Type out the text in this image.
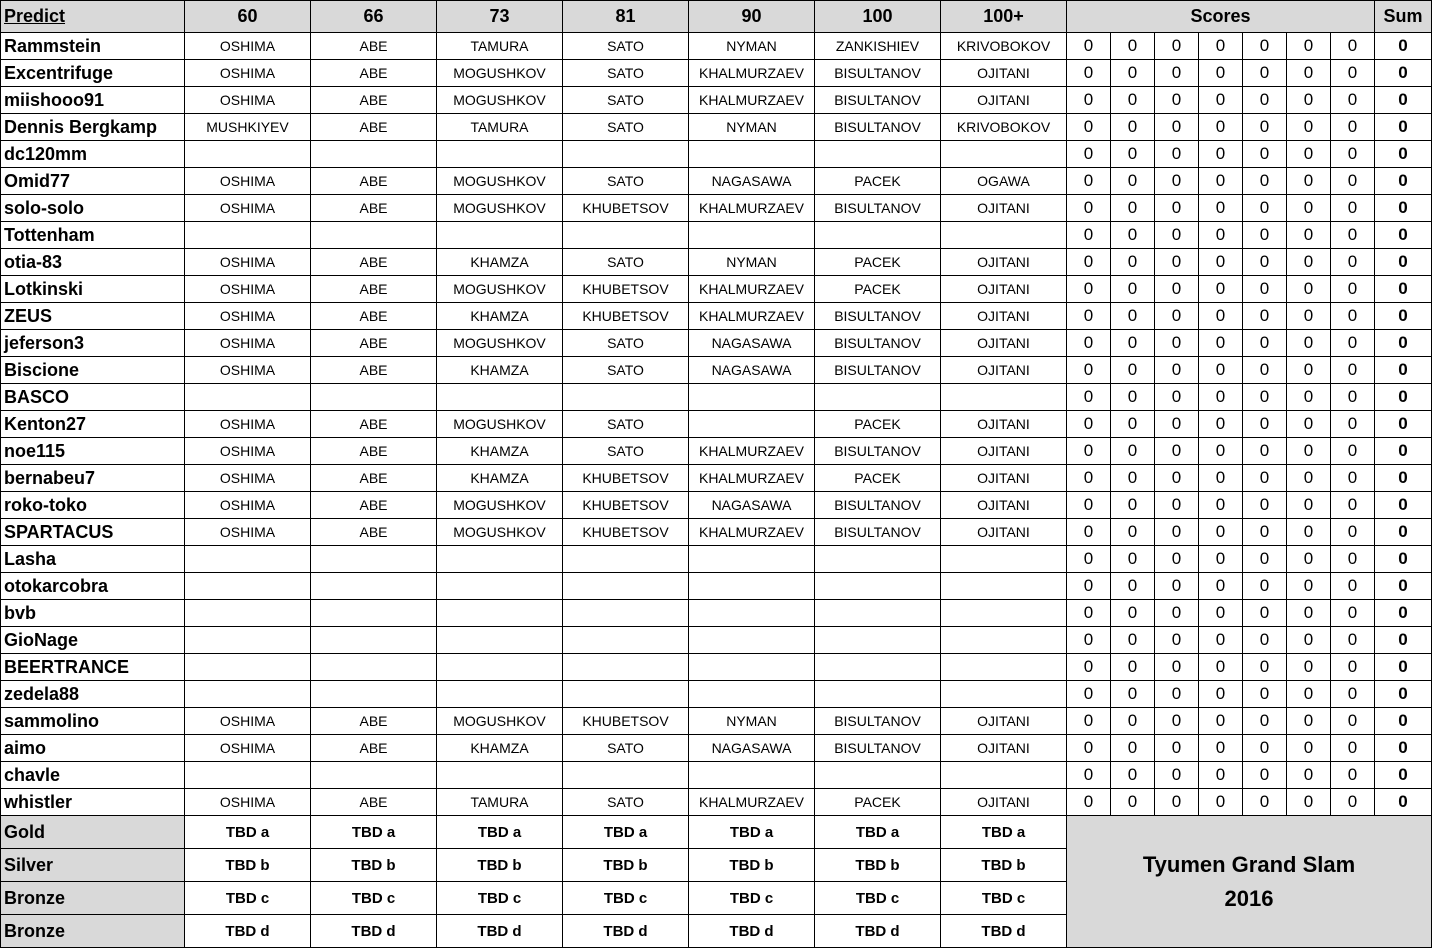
Predict	60	66	73	81	90	100	100+	Scores							Sum
Rammstein	OSHIMA	ABE	TAMURA	SATO	NYMAN	ZANKISHIEV	KRIVOBOKOV	0	0	0	0	0	0	0	0
Excentrifuge	OSHIMA	ABE	MOGUSHKOV	SATO	KHALMURZAEV	BISULTANOV	OJITANI	0	0	0	0	0	0	0	0
miishooo91	OSHIMA	ABE	MOGUSHKOV	SATO	KHALMURZAEV	BISULTANOV	OJITANI	0	0	0	0	0	0	0	0
Dennis Bergkamp	MUSHKIYEV	ABE	TAMURA	SATO	NYMAN	BISULTANOV	KRIVOBOKOV	0	0	0	0	0	0	0	0
dc120mm								0	0	0	0	0	0	0	0
Omid77	OSHIMA	ABE	MOGUSHKOV	SATO	NAGASAWA	PACEK	OGAWA	0	0	0	0	0	0	0	0
solo-solo	OSHIMA	ABE	MOGUSHKOV	KHUBETSOV	KHALMURZAEV	BISULTANOV	OJITANI	0	0	0	0	0	0	0	0
Tottenham								0	0	0	0	0	0	0	0
otia-83	OSHIMA	ABE	KHAMZA	SATO	NYMAN	PACEK	OJITANI	0	0	0	0	0	0	0	0
Lotkinski	OSHIMA	ABE	MOGUSHKOV	KHUBETSOV	KHALMURZAEV	PACEK	OJITANI	0	0	0	0	0	0	0	0
ZEUS	OSHIMA	ABE	KHAMZA	KHUBETSOV	KHALMURZAEV	BISULTANOV	OJITANI	0	0	0	0	0	0	0	0
jeferson3	OSHIMA	ABE	MOGUSHKOV	SATO	NAGASAWA	BISULTANOV	OJITANI	0	0	0	0	0	0	0	0
Biscione	OSHIMA	ABE	KHAMZA	SATO	NAGASAWA	BISULTANOV	OJITANI	0	0	0	0	0	0	0	0
BASCO								0	0	0	0	0	0	0	0
Kenton27	OSHIMA	ABE	MOGUSHKOV	SATO		PACEK	OJITANI	0	0	0	0	0	0	0	0
noe115	OSHIMA	ABE	KHAMZA	SATO	KHALMURZAEV	BISULTANOV	OJITANI	0	0	0	0	0	0	0	0
bernabeu7	OSHIMA	ABE	KHAMZA	KHUBETSOV	KHALMURZAEV	PACEK	OJITANI	0	0	0	0	0	0	0	0
roko-toko	OSHIMA	ABE	MOGUSHKOV	KHUBETSOV	NAGASAWA	BISULTANOV	OJITANI	0	0	0	0	0	0	0	0
SPARTACUS	OSHIMA	ABE	MOGUSHKOV	KHUBETSOV	KHALMURZAEV	BISULTANOV	OJITANI	0	0	0	0	0	0	0	0
Lasha								0	0	0	0	0	0	0	0
otokarcobra								0	0	0	0	0	0	0	0
bvb								0	0	0	0	0	0	0	0
GioNage								0	0	0	0	0	0	0	0
BEERTRANCE								0	0	0	0	0	0	0	0
zedela88								0	0	0	0	0	0	0	0
sammolino	OSHIMA	ABE	MOGUSHKOV	KHUBETSOV	NYMAN	BISULTANOV	OJITANI	0	0	0	0	0	0	0	0
aimo	OSHIMA	ABE	KHAMZA	SATO	NAGASAWA	BISULTANOV	OJITANI	0	0	0	0	0	0	0	0
chavle								0	0	0	0	0	0	0	0
whistler	OSHIMA	ABE	TAMURA	SATO	KHALMURZAEV	PACEK	OJITANI	0	0	0	0	0	0	0	0
Gold	TBD a	TBD a	TBD a	TBD a	TBD a	TBD a	TBD a	Tyumen Grand Slam
2016							

Silver	TBD b	TBD b	TBD b	TBD b	TBD b	TBD b	TBD b								
Bronze	TBD c	TBD c	TBD c	TBD c	TBD c	TBD c	TBD c								
Bronze	TBD d	TBD d	TBD d	TBD d	TBD d	TBD d	TBD d								
